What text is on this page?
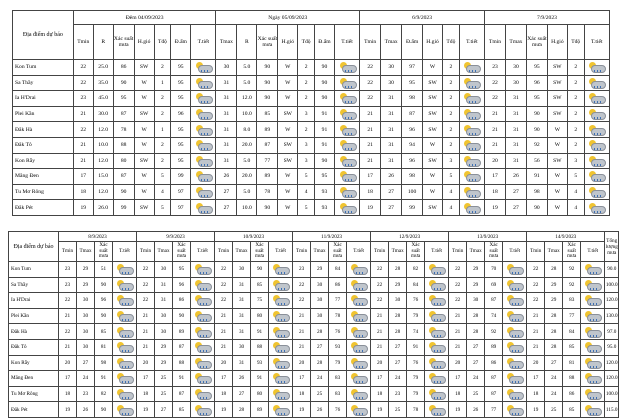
Địa điểm dự báo	Đêm 04/09/2023							Ngày 05/09/2023							6/9/2023						7/9/2023					
	Tmin	R	Xác suất mưa	H.gió	Tđộ	Đ.ẩm	T.tiết	Tmax	R	Xác suất mưa	H.gió	Tđộ	Đ.ẩm	T.tiết	Tmin	Tmax	Đ.ẩm	H.gió	Tđộ	T.tiết	Tmin	Tmax	Xác suất mưa	H.gió	Tđộ	T.tiết
Kon Tum	22	25.0	86	SW	2	95		30	5.0	90	W	2	90		22	30	97	W	2		23	30	95	SW	2	

Sa Thầy	22	35.0	90	W	1	95		31	5.0	90	W	2	90		22	30	95	SW	2		22	30	96	SW	2	

Ia H'Drai	23	45.0	95	W	2	95		31	12.0	90	W	2	90		22	31	98	SW	2		22	31	95	SW	2	

Plei Kần	21	30.0	87	SW	2	96		31	10.0	85	SW	3	91		21	31	87	SW	2		21	31	90	SW	2	

Đăk Hà	22	12.0	78	W	1	95		31	8.0	89	W	2	91		21	31	96	SW	2		21	31	90	W	2	

Đăk Tô	21	10.0	88	W	2	95		31	20.0	87	SW	3	91		21	31	94	W	2		21	31	92	W	2	

Kon Rẫy	21	12.0	80	SW	2	95		31	5.0	77	SW	3	90		21	31	96	SW	3		20	31	56	SW	3	

Măng Đen	17	15.0	87	W	5	99		26	20.0	89	W	5	95		17	26	98	W	5		17	26	91	W	5	

Tu Mơ Rông	18	12.0	90	W	4	97		27	5.0	78	W	4	93		18	27	100	W	4		18	27	98	W	4	

Đăk Pét	19	26.0	99	SW	5	97		27	10.0	90	W	5	93		19	27	99	SW	4		19	27	90	W	4	
Địa điểm dự báo	8/9/2023				9/9/2023				10/9/2023				11/9/2023				12/9/2023				13/9/2023				14/9/2023				Tổng lượng mưa
	Tmin	Tmax	Xác suất mưa	T.tiết	Tmin	Tmax	Xác suất mưa	T.tiết	Tmin	Tmax	Xác suất mưa	T.tiết	Tmin	Tmax	Xác suất mưa	T.tiết	Tmin	Tmax	Xác suất mưa	T.tiết	Tmin	Tmax	Xác suất mưa	T.tiết	Tmin	Tmax	Xác suất mưa	T.tiết	
Kon Tum	23	29	51		22	30	95		22	30	90		23	29	84		22	28	82		22	29	70		22	28	92		90.0
Sa Thầy	23	29	90		22	31	96		22	31	85		22	30	86		22	29	84		22	29	69		22	29	92		100.0
Ia H'Drai	22	30	96		22	31	86		22	31	75		22	30	77		22	30	76		22	30	87		22	29	83		120.0
Plei Kần	21	30	90		21	30	90		21	31	80		21	30	78		21	28	79		21	28	74		21	28	77		130.0
Đăk Hà	22	30	85		21	30	89		21	31	91		21	28	76		21	28	74		21	28	92		21	28	84		97.0
Đăk Tô	21	30	81		21	29	87		21	30	88		21	27	93		21	27	91		21	27	89		21	28	85		95.0
Kon Rẫy	20	27	98		20	29	88		20	31	93		20	28	79		20	27	76		20	27	86		20	27	81		120.0
Măng Đen	17	24	91		17	25	91		17	26	91		17	24	83		17	24	79		17	24	87		17	24	88		120.0
Tu Mơ Rông	18	23	82		18	25	87		18	27	80		18	25	83		18	23	79		18	25	87		18	24	86		100.0
Đăk Pét	19	26	90		19	27	85		19	28	89		19	26	76		19	25	78		19	26	77		19	25	85		115.0
